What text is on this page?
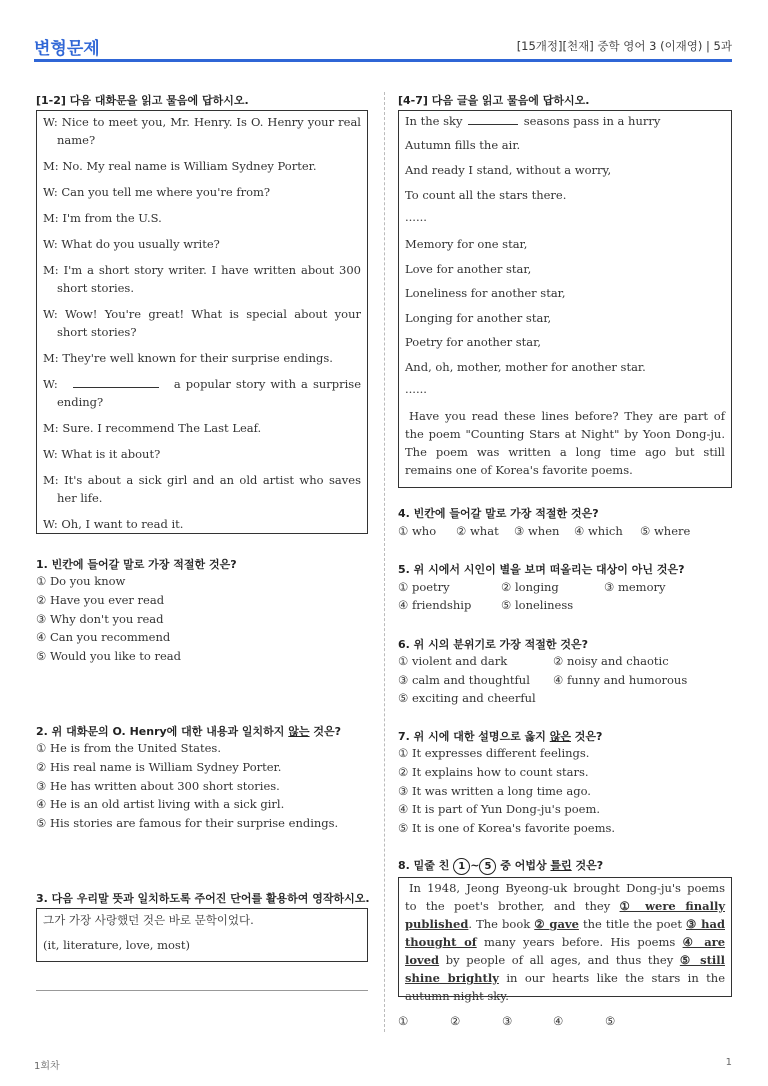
변형문제	[15개정][천재] 중학 영어 3 (이재영) | 5과
[1-2] 다음 대화문을 읽고 물음에 답하시오.
W: Nice to meet you, Mr. Henry. Is O. Henry your real name?
M: No. My real name is William Sydney Porter.
W: Can you tell me where you're from?
M: I'm from the U.S.
W: What do you usually write?
M: I'm a short story writer. I have written about 300 short stories.
W: Wow! You're great! What is special about your short stories?
M: They're well known for their surprise endings.
W:	a popular story with a surprise ending?
M: Sure. I recommend The Last Leaf.
W: What is it about?
M: It's about a sick girl and an old artist who saves her life.
W: Oh, I want to read it.
1. 빈칸에 들어갈 말로 가장 적절한 것은?
① Do you know
② Have you ever read
③ Why don't you read
④ Can you recommend
⑤ Would you like to read
2. 위 대화문의 O. Henry에 대한 내용과 일치하지 않는 것은?
① He is from the United States.
② His real name is William Sydney Porter.
③ He has written about 300 short stories.
④ He is an old artist living with a sick girl.
⑤ His stories are famous for their surprise endings.
3. 다음 우리말 뜻과 일치하도록 주어진 단어를 활용하여 영작하시오.
그가 가장 사랑했던 것은 바로 문학이었다.
(it, literature, love, most)
[4-7] 다음 글을 읽고 물음에 답하시오.
In the sky	seasons pass in a hurry
Autumn fills the air.
And ready I stand, without a worry,
To count all the stars there.
......
Memory for one star,
Love for another star,
Loneliness for another star,
Longing for another star,
Poetry for another star,
And, oh, mother, mother for another star.
......
Have you read these lines before? They are part of the poem "Counting Stars at Night" by Yoon Dong-ju. The poem was written a long time ago but still remains one of Korea's favorite poems.
4. 빈칸에 들어갈 말로 가장 적절한 것은?
① who ② what ③ when ④ which ⑤ where
5. 위 시에서 시인이 별을 보며 떠올리는 대상이 아닌 것은?
① poetry	② longing	③ memory
④ friendship	⑤ loneliness
6. 위 시의 분위기로 가장 적절한 것은?
① violent and dark	② noisy and chaotic
③ calm and thoughtful ④ funny and humorous
⑤ exciting and cheerful
7. 위 시에 대한 설명으로 옳지 않은 것은?
① It expresses different feelings.
② It explains how to count stars.
③ It was written a long time ago.
④ It is part of Yun Dong-ju's poem.
⑤ It is one of Korea's favorite poems.
8. 밑줄 친 1 ~ 5 중 어법상 틀린 것은?
In 1948, Jeong Byeong-uk brought Dong-ju's poems to the poet's brother, and they ① were finally published. The book ② gave the title the poet ③ had thought of many years before. His poems ④ are loved by people of all ages, and thus they ⑤ still shine brightly in our hearts like the stars in the autumn night sky.
①	②	③	④	⑤
1회차	1
